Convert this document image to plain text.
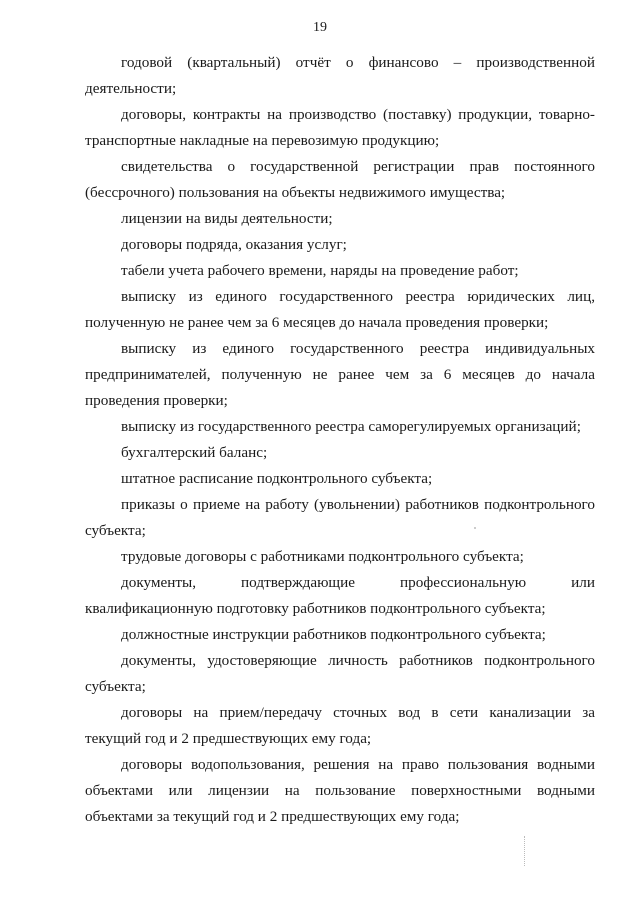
19

годовой (квартальный) отчёт о финансово – производственной деятельности;

договоры, контракты на производство (поставку) продукции, товарно-транспортные накладные на перевозимую продукцию;

свидетельства о государственной регистрации прав постоянного (бессрочного) пользования на объекты недвижимого имущества;

лицензии на виды деятельности;

договоры подряда, оказания услуг;

табели учета рабочего времени, наряды на проведение работ;

выписку из единого государственного реестра юридических лиц, полученную не ранее чем за 6 месяцев до начала проведения проверки;

выписку из единого государственного реестра индивидуальных предпринимателей, полученную не ранее чем за 6 месяцев до начала проведения проверки;

выписку из государственного реестра саморегулируемых организаций;

бухгалтерский баланс;

штатное расписание подконтрольного субъекта;

приказы о приеме на работу (увольнении) работников подконтрольного субъекта;

трудовые договоры с работниками подконтрольного субъекта;

документы, подтверждающие профессиональную или квалификационную подготовку работников подконтрольного субъекта;

должностные инструкции работников подконтрольного субъекта;

документы, удостоверяющие личность работников подконтрольного субъекта;

договоры на прием/передачу сточных вод в сети канализации за текущий год и 2 предшествующих ему года;

договоры водопользования, решения на право пользования водными объектами или лицензии на пользование поверхностными водными объектами за текущий год и 2 предшествующих ему года;
